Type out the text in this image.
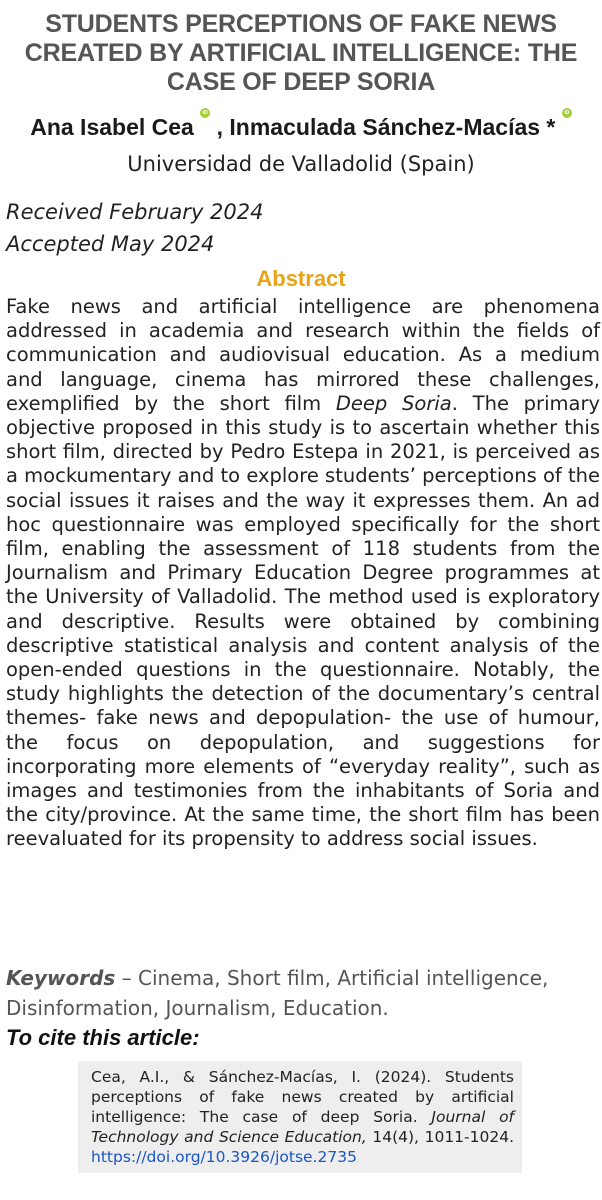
STUDENTS PERCEPTIONS OF FAKE NEWS CREATED BY ARTIFICIAL INTELLIGENCE: THE CASE OF DEEP SORIA
Ana Isabel Cea iD , Inmaculada Sánchez-Macías * iD
Universidad de Valladolid (Spain)
Received February 2024
Accepted May 2024
Abstract

Fake news and artificial intelligence are phenomena addressed in academia and research within the fields of communication and audiovisual education. As a medium and language, cinema has mirrored these challenges, exemplified by the short film Deep Soria. The primary objective proposed in this study is to ascertain whether this short film, directed by Pedro Estepa in 2021, is perceived as a mockumentary and to explore students’ perceptions of the social issues it raises and the way it expresses them. An ad hoc questionnaire was employed specifically for the short film, enabling the assessment of 118 students from the Journalism and Primary Education Degree programmes at the University of Valladolid. The method used is exploratory and descriptive. Results were obtained by combining descriptive statistical analysis and content analysis of the open-ended questions in the questionnaire. Notably, the study highlights the detection of the documentary’s central themes- fake news and depopulation- the use of humour, the focus on depopulation, and suggestions for incorporating more elements of “everyday reality”, such as images and testimonies from the inhabitants of Soria and the city/province. At the same time, the short film has been reevaluated for its propensity to address social issues.

Keywords – Cinema, Short film, Artificial intelligence, Disinformation, Journalism, Education.

To cite this article:
Cea, A.I., & Sánchez-Macías, I. (2024). Students perceptions of fake news created by artificial intelligence: The case of deep Soria. Journal of Technology and Science Education, 14(4), 1011-1024. https://doi.org/10.3926/jotse.2735
